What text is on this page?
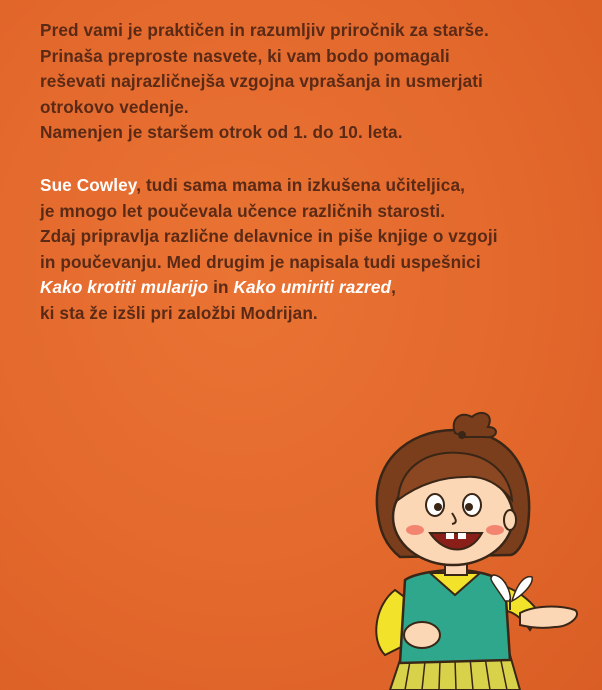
Pred vami je praktičen in razumljiv priročnik za starše.
Prinaša preproste nasvete, ki vam bodo pomagali
reševati najrazličnejša vzgojna vprašanja in usmerjati
otrokovo vedenje.
Namenjen je staršem otrok od 1. do 10. leta.

Sue Cowley, tudi sama mama in izkušena učiteljica,
je mnogo let poučevala učence različnih starosti.
Zdaj pripravlja različne delavnice in piše knjige o vzgoji
in poučevanju. Med drugim je napisala tudi uspešnici
Kako krotiti mularijo in Kako umiriti razred,
ki sta že izšli pri založbi Modrijan.
